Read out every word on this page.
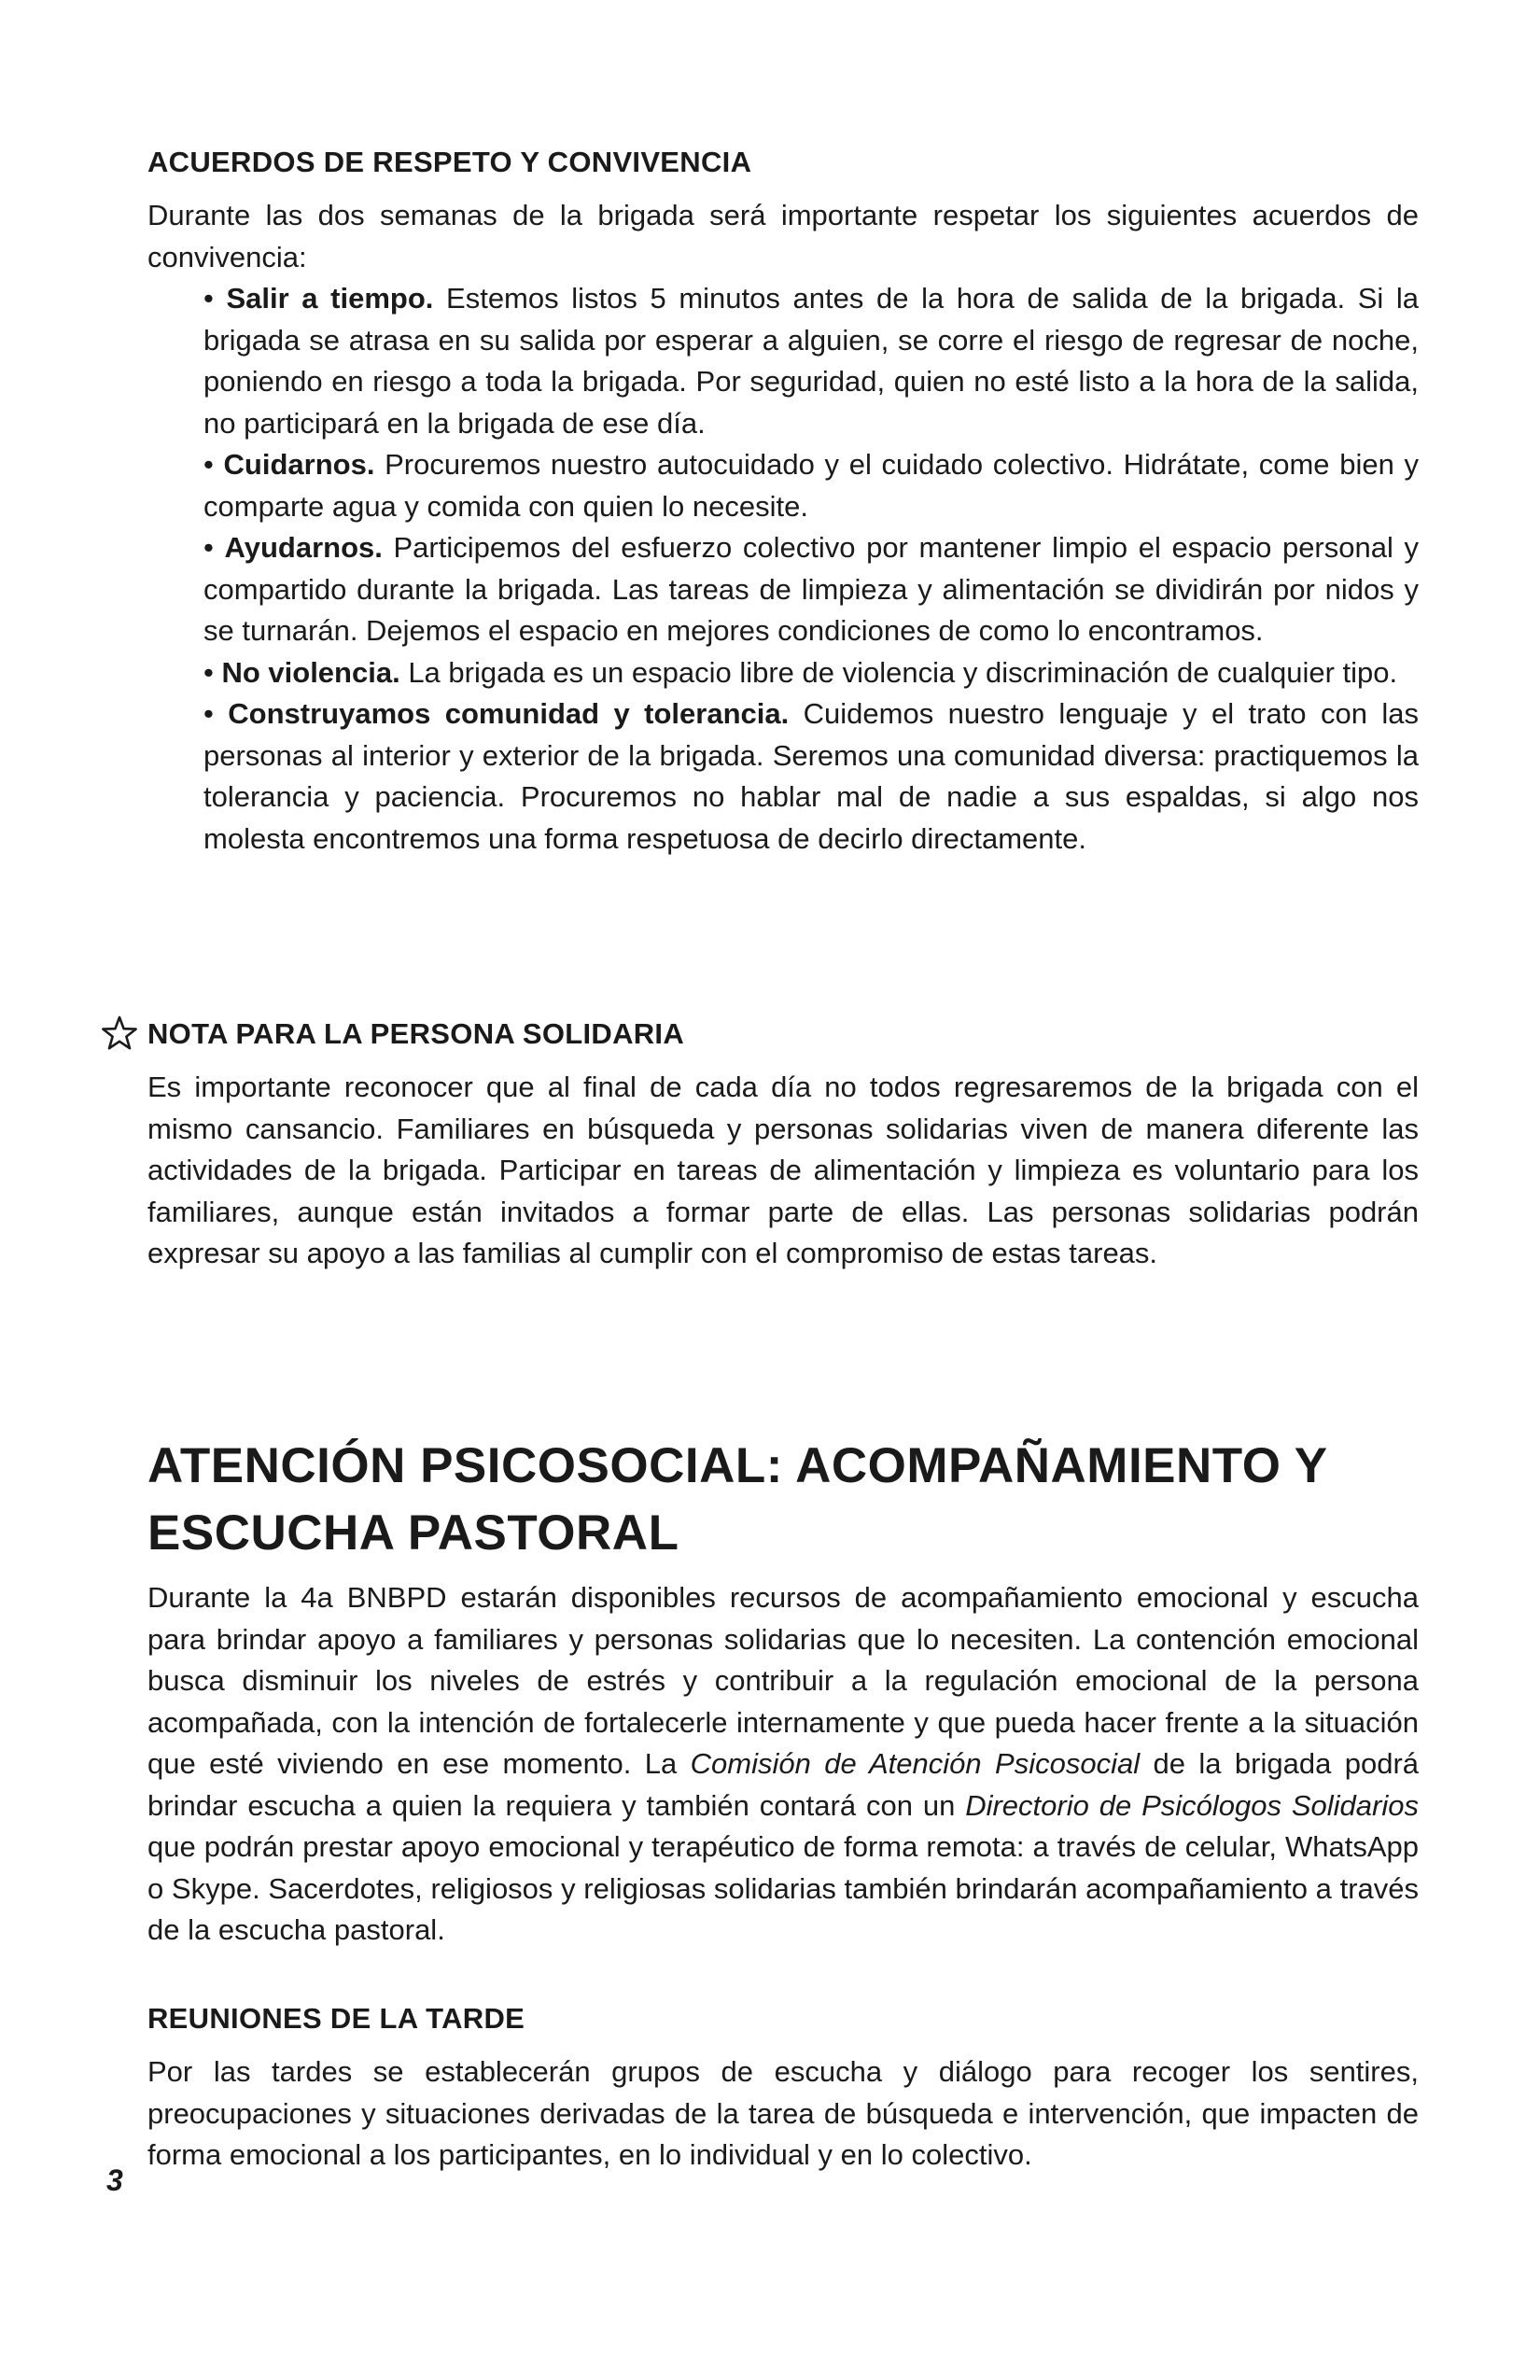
ACUERDOS DE RESPETO Y CONVIVENCIA

Durante las dos semanas de la brigada será importante respetar los siguientes acuerdos de convivencia:

• Salir a tiempo. Estemos listos 5 minutos antes de la hora de salida de la brigada. Si la brigada se atrasa en su salida por esperar a alguien, se corre el riesgo de regresar de noche, poniendo en riesgo a toda la brigada. Por seguridad, quien no esté listo a la hora de la salida, no participará en la brigada de ese día.
• Cuidarnos. Procuremos nuestro autocuidado y el cuidado colectivo. Hidrátate, come bien y comparte agua y comida con quien lo necesite.
• Ayudarnos. Participemos del esfuerzo colectivo por mantener limpio el espacio personal y compartido durante la brigada. Las tareas de limpieza y alimentación se dividirán por nidos y se turnarán. Dejemos el espacio en mejores condiciones de como lo encontramos.
• No violencia. La brigada es un espacio libre de violencia y discriminación de cualquier tipo.
• Construyamos comunidad y tolerancia. Cuidemos nuestro lenguaje y el trato con las personas al interior y exterior de la brigada. Seremos una comunidad diversa: practiquemos la tolerancia y paciencia. Procuremos no hablar mal de nadie a sus espaldas, si algo nos molesta encontremos una forma respetuosa de decirlo directamente.
NOTA PARA LA PERSONA SOLIDARIA

Es importante reconocer que al final de cada día no todos regresaremos de la brigada con el mismo cansancio. Familiares en búsqueda y personas solidarias viven de manera diferente las actividades de la brigada. Participar en tareas de alimentación y limpieza es voluntario para los familiares, aunque están invitados a formar parte de ellas. Las personas solidarias podrán expresar su apoyo a las familias al cumplir con el compromiso de estas tareas.

ATENCIÓN PSICOSOCIAL: ACOMPAÑAMIENTO Y
ESCUCHA PASTORAL

Durante la 4a BNBPD estarán disponibles recursos de acompañamiento emocional y escucha para brindar apoyo a familiares y personas solidarias que lo necesiten. La contención emocional busca disminuir los niveles de estrés y contribuir a la regulación emocional de la persona acompañada, con la intención de fortalecerle internamente y que pueda hacer frente a la situación que esté viviendo en ese momento. La Comisión de Atención Psicosocial de la brigada podrá brindar escucha a quien la requiera y también contará con un Directorio de Psicólogos Solidarios que podrán prestar apoyo emocional y terapéutico de forma remota: a través de celular, WhatsApp o Skype. Sacerdotes, religiosos y religiosas solidarias también brindarán acompañamiento a través de la escucha pastoral.

REUNIONES DE LA TARDE

Por las tardes se establecerán grupos de escucha y diálogo para recoger los sentires, preocupaciones y situaciones derivadas de la tarea de búsqueda e intervención, que impacten de forma emocional a los participantes, en lo individual y en lo colectivo.

3
